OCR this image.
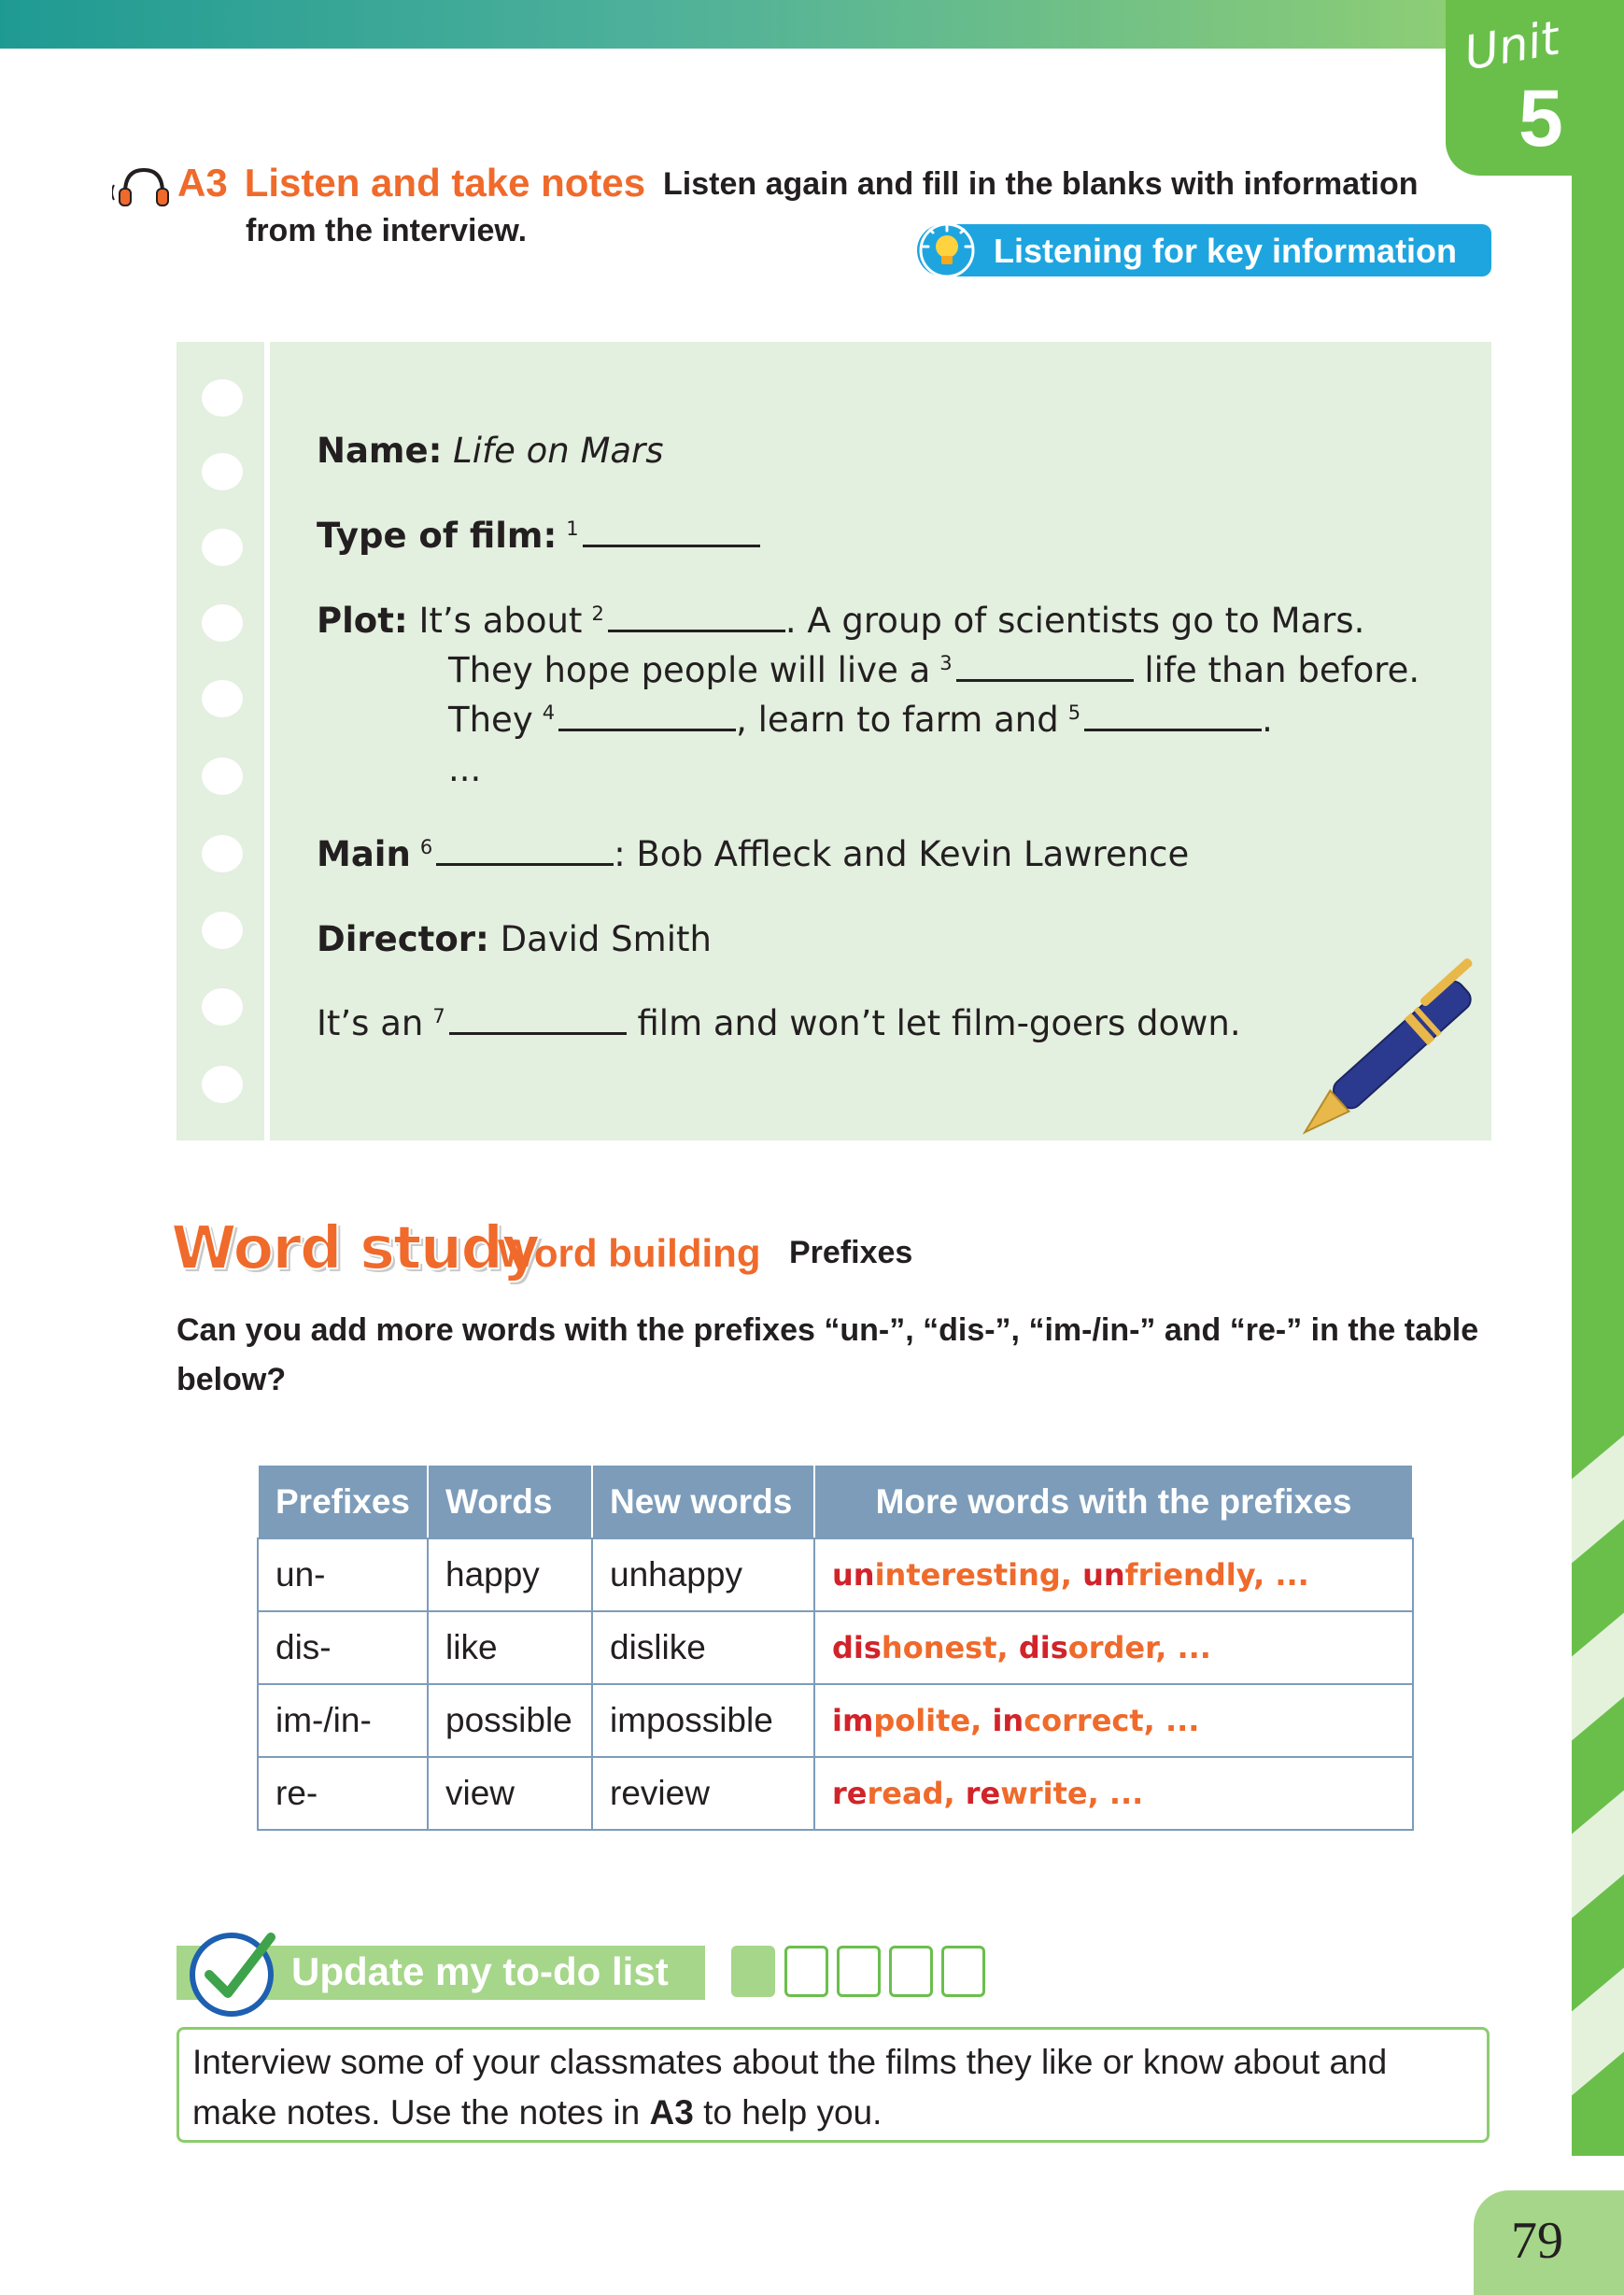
Unit
5
A3 Listen and take notes Listen again and fill in the blanks with information
from the interview.
Listening for key information
Name: Life on Mars
Type of film: $^1$
Plot: It’s about $^2$	. A group of scientists go to Mars.
They hope people will live a $^3$	life than before.
They $^4$	, learn to farm and $^5$	.
...
Main $^6$	: Bob Affleck and Kevin Lawrence
Director: David Smith
It’s an $^7$	film and won’t let film-goers down.
Word study
Word building Prefixes
Can you add more words with the prefixes “un-”, “dis-”, “im-/in-” and “re-” in the table below?
Prefixes	Words	New words	More words with the prefixes
un-	happy	unhappy	uninteresting, unfriendly, ...
dis-	like	dislike	dishonest, disorder, ...
im-/in-	possible	impossible	impolite, incorrect, ...
re-	view	review	reread, rewrite, ...
Update my to-do list
Interview some of your classmates about the films they like or know about and make notes. Use the notes in A3 to help you.
79
